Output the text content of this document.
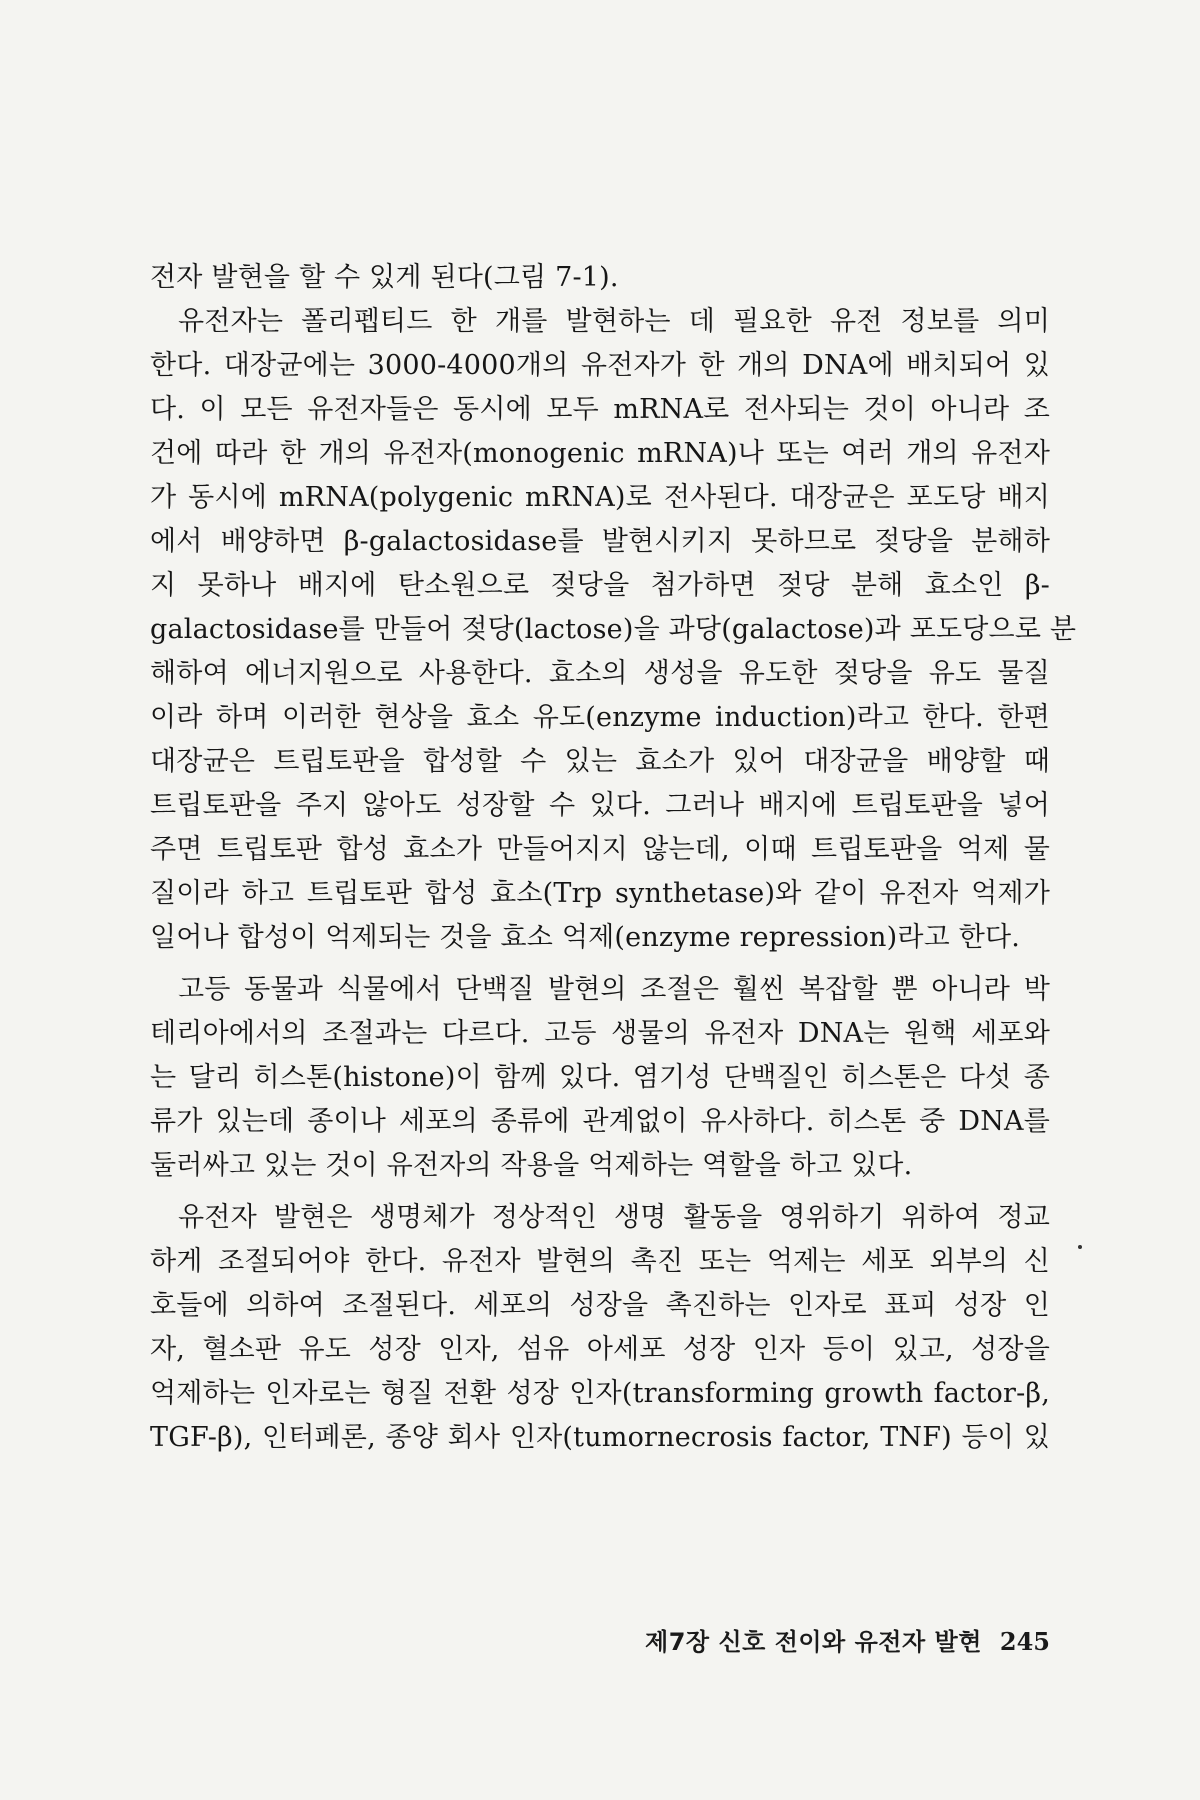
전자 발현을 할 수 있게 된다(그림 7-1).
유전자는 폴리펩티드 한 개를 발현하는 데 필요한 유전 정보를 의미
한다. 대장균에는 3000-4000개의 유전자가 한 개의 DNA에 배치되어 있
다. 이 모든 유전자들은 동시에 모두 mRNA로 전사되는 것이 아니라 조
건에 따라 한 개의 유전자(monogenic mRNA)나 또는 여러 개의 유전자
가 동시에 mRNA(polygenic mRNA)로 전사된다. 대장균은 포도당 배지
에서 배양하면 β-galactosidase를 발현시키지 못하므로 젖당을 분해하
지 못하나 배지에 탄소원으로 젖당을 첨가하면 젖당 분해 효소인 β-
galactosidase를 만들어 젖당(lactose)을 과당(galactose)과 포도당으로 분
해하여 에너지원으로 사용한다. 효소의 생성을 유도한 젖당을 유도 물질
이라 하며 이러한 현상을 효소 유도(enzyme induction)라고 한다. 한편
대장균은 트립토판을 합성할 수 있는 효소가 있어 대장균을 배양할 때
트립토판을 주지 않아도 성장할 수 있다. 그러나 배지에 트립토판을 넣어
주면 트립토판 합성 효소가 만들어지지 않는데, 이때 트립토판을 억제 물
질이라 하고 트립토판 합성 효소(Trp synthetase)와 같이 유전자 억제가
일어나 합성이 억제되는 것을 효소 억제(enzyme repression)라고 한다.
고등 동물과 식물에서 단백질 발현의 조절은 훨씬 복잡할 뿐 아니라 박
테리아에서의 조절과는 다르다. 고등 생물의 유전자 DNA는 원핵 세포와
는 달리 히스톤(histone)이 함께 있다. 염기성 단백질인 히스톤은 다섯 종
류가 있는데 종이나 세포의 종류에 관계없이 유사하다. 히스톤 중 DNA를
둘러싸고 있는 것이 유전자의 작용을 억제하는 역할을 하고 있다.
유전자 발현은 생명체가 정상적인 생명 활동을 영위하기 위하여 정교
하게 조절되어야 한다. 유전자 발현의 촉진 또는 억제는 세포 외부의 신
호들에 의하여 조절된다. 세포의 성장을 촉진하는 인자로 표피 성장 인
자, 혈소판 유도 성장 인자, 섬유 아세포 성장 인자 등이 있고, 성장을
억제하는 인자로는 형질 전환 성장 인자(transforming growth factor-β,
TGF-β), 인터페론, 종양 회사 인자(tumornecrosis factor, TNF) 등이 있
제7장 신호 전이와 유전자 발현 245
